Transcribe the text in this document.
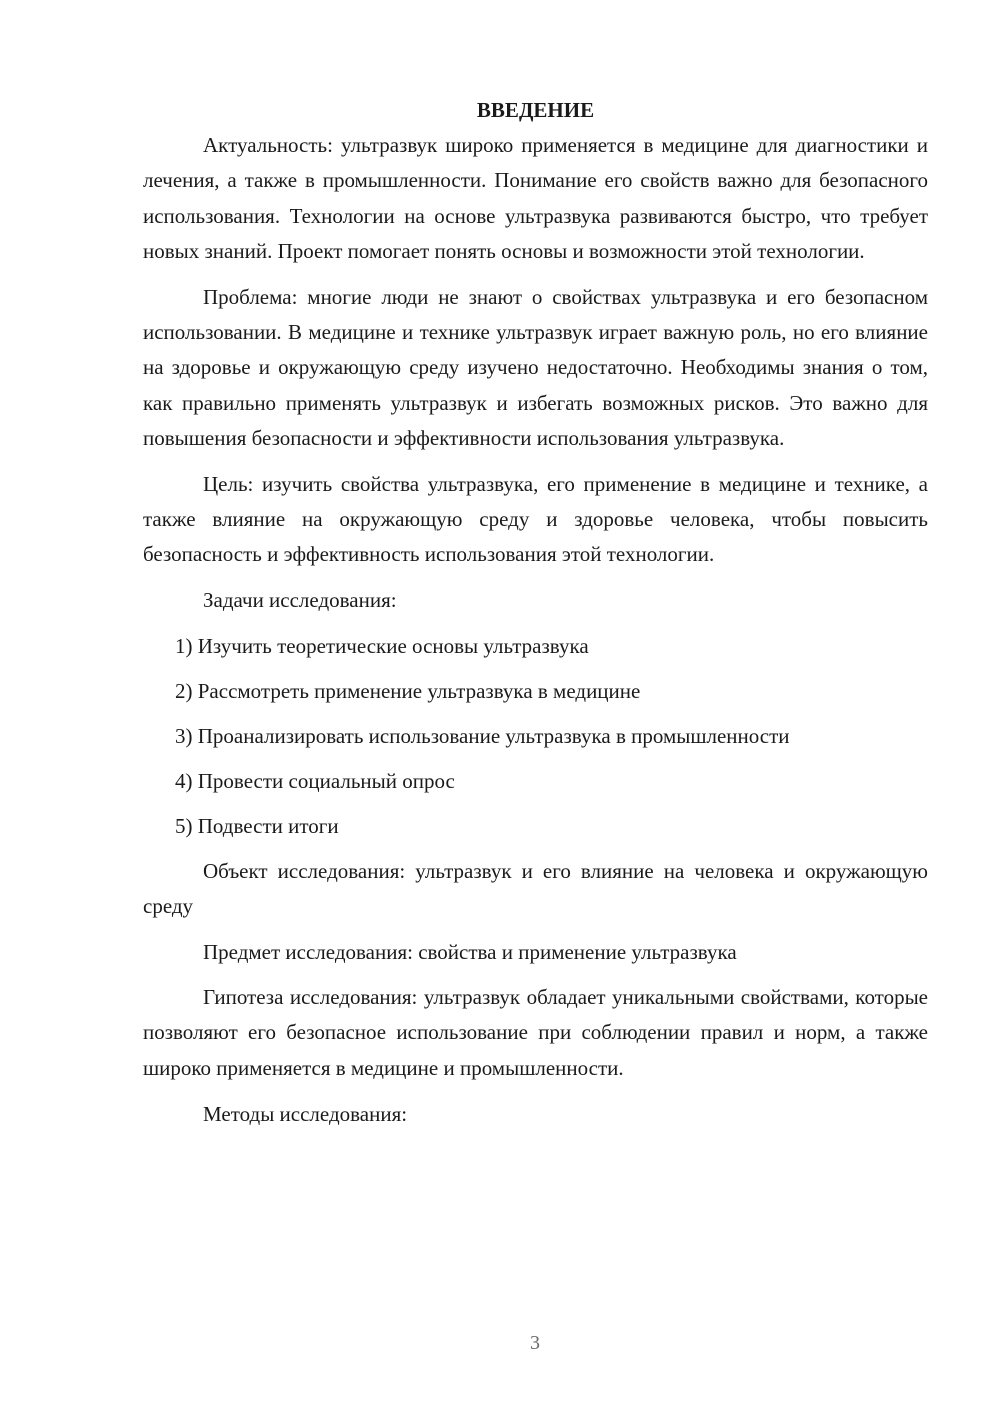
ВВЕДЕНИЕ

Актуальность: ультразвук широко применяется в медицине для диагностики и лечения, а также в промышленности. Понимание его свойств важно для безопасного использования. Технологии на основе ультразвука развиваются быстро, что требует новых знаний. Проект помогает понять основы и возможности этой технологии.

Проблема: многие люди не знают о свойствах ультразвука и его безопасном использовании. В медицине и технике ультразвук играет важную роль, но его влияние на здоровье и окружающую среду изучено недостаточно. Необходимы знания о том, как правильно применять ультразвук и избегать возможных рисков. Это важно для повышения безопасности и эффективности использования ультразвука.

Цель: изучить свойства ультразвука, его применение в медицине и технике, а также влияние на окружающую среду и здоровье человека, чтобы повысить безопасность и эффективность использования этой технологии.

Задачи исследования:

1) Изучить теоретические основы ультразвука
2) Рассмотреть применение ультразвука в медицине
3) Проанализировать использование ультразвука в промышленности
4) Провести социальный опрос
5) Подвести итоги

Объект исследования: ультразвук и его влияние на человека и окружающую среду

Предмет исследования: свойства и применение ультразвука

Гипотеза исследования: ультразвук обладает уникальными свойствами, которые позволяют его безопасное использование при соблюдении правил и норм, а также широко применяется в медицине и промышленности.

Методы исследования:

3
